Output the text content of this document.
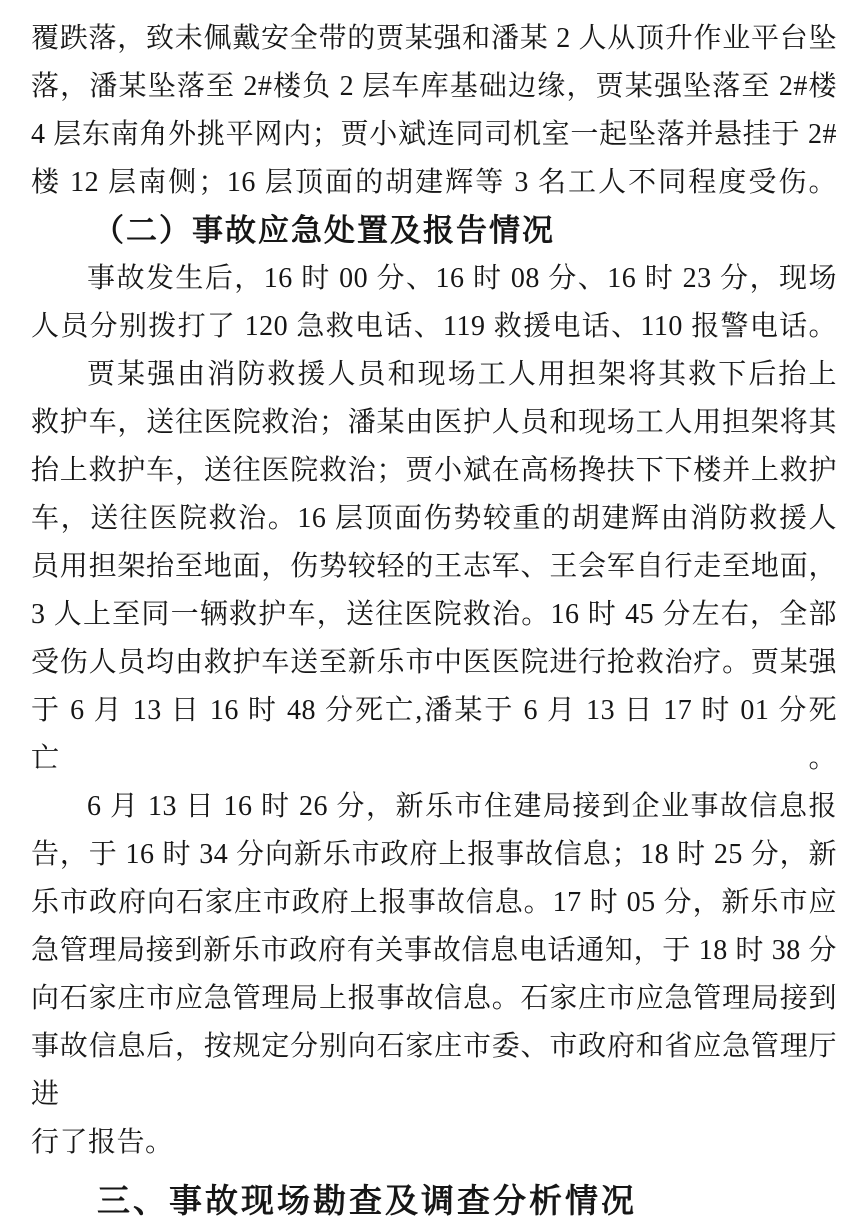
覆跌落，致未佩戴安全带的贾某强和潘某 2 人从顶升作业平台坠
落，潘某坠落至 2#楼负 2 层车库基础边缘，贾某强坠落至 2#楼
4 层东南角外挑平网内；贾小斌连同司机室一起坠落并悬挂于 2#
楼 12 层南侧；16 层顶面的胡建辉等 3 名工人不同程度受伤。
（二）事故应急处置及报告情况
事故发生后，16 时 00 分、16 时 08 分、16 时 23 分，现场
人员分别拨打了 120 急救电话、119 救援电话、110 报警电话。
贾某强由消防救援人员和现场工人用担架将其救下后抬上
救护车，送往医院救治；潘某由医护人员和现场工人用担架将其
抬上救护车，送往医院救治；贾小斌在高杨搀扶下下楼并上救护
车，送往医院救治。16 层顶面伤势较重的胡建辉由消防救援人
员用担架抬至地面，伤势较轻的王志军、王会军自行走至地面，
3 人上至同一辆救护车，送往医院救治。16 时 45 分左右，全部
受伤人员均由救护车送至新乐市中医医院进行抢救治疗。贾某强
于 6 月 13 日 16 时 48 分死亡,潘某于 6 月 13 日 17 时 01 分死亡。
6 月 13 日 16 时 26 分，新乐市住建局接到企业事故信息报
告，于 16 时 34 分向新乐市政府上报事故信息；18 时 25 分，新
乐市政府向石家庄市政府上报事故信息。17 时 05 分，新乐市应
急管理局接到新乐市政府有关事故信息电话通知，于 18 时 38 分
向石家庄市应急管理局上报事故信息。石家庄市应急管理局接到
事故信息后，按规定分别向石家庄市委、市政府和省应急管理厅进
行了报告。
三、事故现场勘查及调查分析情况
